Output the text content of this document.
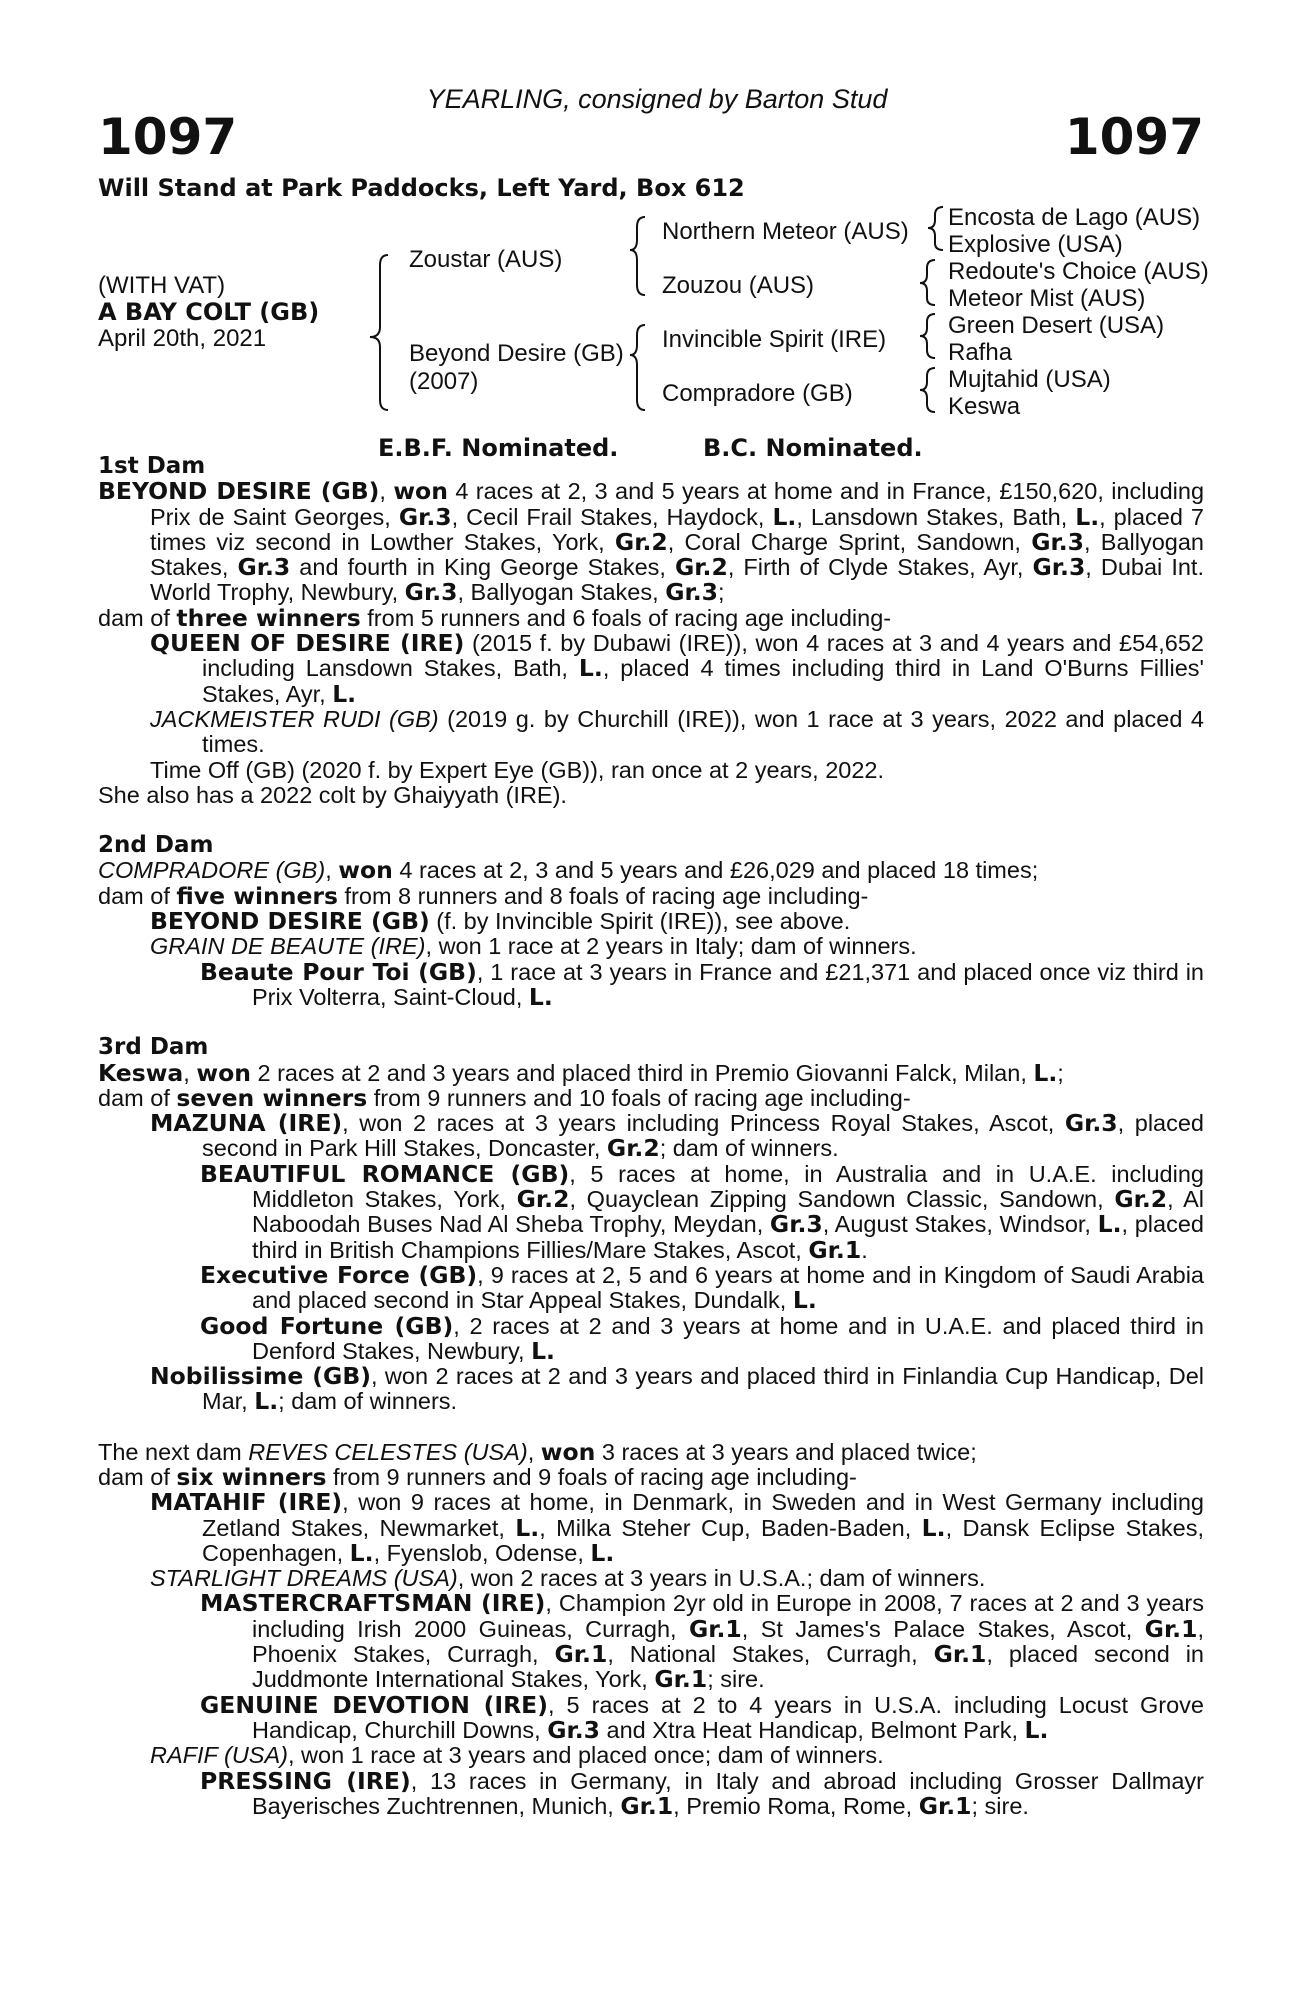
YEARLING, consigned by Barton Stud
1097	1097
Will Stand at Park Paddocks, Left Yard, Box 612
(WITH VAT)
A BAY COLT (GB)
April 20th, 2021
Zoustar (AUS)
Beyond Desire (GB)
(2007)
Northern Meteor (AUS)
Zouzou (AUS)
Invincible Spirit (IRE)
Compradore (GB)
Encosta de Lago (AUS)
Explosive (USA)
Redoute's Choice (AUS)
Meteor Mist (AUS)
Green Desert (USA)
Rafha
Mujtahid (USA)
Keswa
E.B.F. Nominated.	B.C. Nominated.
1st Dam
BEYOND DESIRE (GB), won 4 races at 2, 3 and 5 years at home and in France, £150,620, including Prix de Saint Georges, Gr.3, Cecil Frail Stakes, Haydock, L., Lansdown Stakes, Bath, L., placed 7 times viz second in Lowther Stakes, York, Gr.2, Coral Charge Sprint, Sandown, Gr.3, Ballyogan Stakes, Gr.3 and fourth in King George Stakes, Gr.2, Firth of Clyde Stakes, Ayr, Gr.3, Dubai Int. World Trophy, Newbury, Gr.3, Ballyogan Stakes, Gr.3;
dam of three winners from 5 runners and 6 foals of racing age including-
QUEEN OF DESIRE (IRE) (2015 f. by Dubawi (IRE)), won 4 races at 3 and 4 years and £54,652 including Lansdown Stakes, Bath, L., placed 4 times including third in Land O'Burns Fillies' Stakes, Ayr, L.
JACKMEISTER RUDI (GB) (2019 g. by Churchill (IRE)), won 1 race at 3 years, 2022 and placed 4 times.
Time Off (GB) (2020 f. by Expert Eye (GB)), ran once at 2 years, 2022.
She also has a 2022 colt by Ghaiyyath (IRE).
2nd Dam
COMPRADORE (GB), won 4 races at 2, 3 and 5 years and £26,029 and placed 18 times;
dam of five winners from 8 runners and 8 foals of racing age including-
BEYOND DESIRE (GB) (f. by Invincible Spirit (IRE)), see above.
GRAIN DE BEAUTE (IRE), won 1 race at 2 years in Italy; dam of winners.
Beaute Pour Toi (GB), 1 race at 3 years in France and £21,371 and placed once viz third in Prix Volterra, Saint-Cloud, L.
3rd Dam
Keswa, won 2 races at 2 and 3 years and placed third in Premio Giovanni Falck, Milan, L.;
dam of seven winners from 9 runners and 10 foals of racing age including-
MAZUNA (IRE), won 2 races at 3 years including Princess Royal Stakes, Ascot, Gr.3, placed second in Park Hill Stakes, Doncaster, Gr.2; dam of winners.
BEAUTIFUL ROMANCE (GB), 5 races at home, in Australia and in U.A.E. including Middleton Stakes, York, Gr.2, Quayclean Zipping Sandown Classic, Sandown, Gr.2, Al Naboodah Buses Nad Al Sheba Trophy, Meydan, Gr.3, August Stakes, Windsor, L., placed third in British Champions Fillies/Mare Stakes, Ascot, Gr.1.
Executive Force (GB), 9 races at 2, 5 and 6 years at home and in Kingdom of Saudi Arabia and placed second in Star Appeal Stakes, Dundalk, L.
Good Fortune (GB), 2 races at 2 and 3 years at home and in U.A.E. and placed third in Denford Stakes, Newbury, L.
Nobilissime (GB), won 2 races at 2 and 3 years and placed third in Finlandia Cup Handicap, Del Mar, L.; dam of winners.
The next dam REVES CELESTES (USA), won 3 races at 3 years and placed twice;
dam of six winners from 9 runners and 9 foals of racing age including-
MATAHIF (IRE), won 9 races at home, in Denmark, in Sweden and in West Germany including Zetland Stakes, Newmarket, L., Milka Steher Cup, Baden-Baden, L., Dansk Eclipse Stakes, Copenhagen, L., Fyenslob, Odense, L.
STARLIGHT DREAMS (USA), won 2 races at 3 years in U.S.A.; dam of winners.
MASTERCRAFTSMAN (IRE), Champion 2yr old in Europe in 2008, 7 races at 2 and 3 years including Irish 2000 Guineas, Curragh, Gr.1, St James's Palace Stakes, Ascot, Gr.1, Phoenix Stakes, Curragh, Gr.1, National Stakes, Curragh, Gr.1, placed second in Juddmonte International Stakes, York, Gr.1; sire.
GENUINE DEVOTION (IRE), 5 races at 2 to 4 years in U.S.A. including Locust Grove Handicap, Churchill Downs, Gr.3 and Xtra Heat Handicap, Belmont Park, L.
RAFIF (USA), won 1 race at 3 years and placed once; dam of winners.
PRESSING (IRE), 13 races in Germany, in Italy and abroad including Grosser Dallmayr Bayerisches Zuchtrennen, Munich, Gr.1, Premio Roma, Rome, Gr.1; sire.
